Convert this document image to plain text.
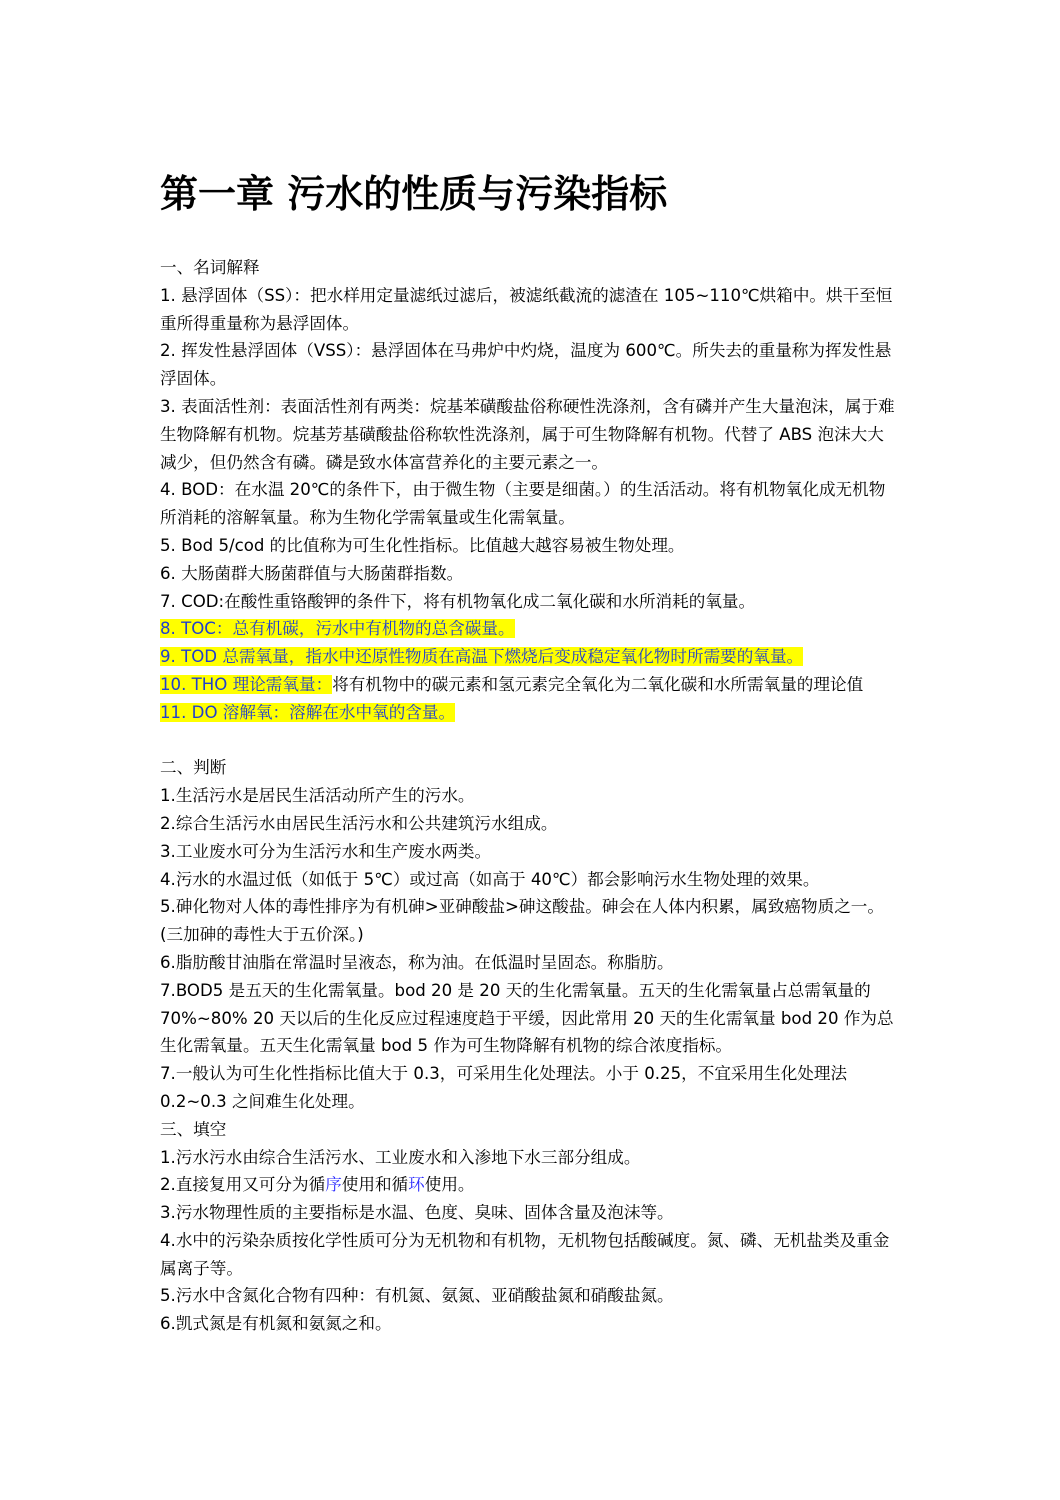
第一章 污水的性质与污染指标
一、名词解释

1. 悬浮固体（SS）：把水样用定量滤纸过滤后，被滤纸截流的滤渣在 105~110℃烘箱中。烘干至恒重所得重量称为悬浮固体。

2. 挥发性悬浮固体（VSS）：悬浮固体在马弗炉中灼烧，温度为 600℃。所失去的重量称为挥发性悬浮固体。

3. 表面活性剂：表面活性剂有两类：烷基苯磺酸盐俗称硬性洗涤剂，含有磷并产生大量泡沫，属于难生物降解有机物。烷基芳基磺酸盐俗称软性洗涤剂，属于可生物降解有机物。代替了 ABS 泡沫大大减少，但仍然含有磷。磷是致水体富营养化的主要元素之一。

4. BOD：在水温 20℃的条件下，由于微生物（主要是细菌。）的生活活动。将有机物氧化成无机物所消耗的溶解氧量。称为生物化学需氧量或生化需氧量。

5. Bod 5/cod 的比值称为可生化性指标。比值越大越容易被生物处理。

6. 大肠菌群大肠菌群值与大肠菌群指数。

7. COD:在酸性重铬酸钾的条件下，将有机物氧化成二氧化碳和水所消耗的氧量。

8. TOC：总有机碳，污水中有机物的总含碳量。

9. TOD 总需氧量，指水中还原性物质在高温下燃烧后变成稳定氧化物时所需要的氧量。

10. THO 理论需氧量：将有机物中的碳元素和氢元素完全氧化为二氧化碳和水所需氧量的理论值

11. DO 溶解氧：溶解在水中氧的含量。

二、判断

1.生活污水是居民生活活动所产生的污水。

2.综合生活污水由居民生活污水和公共建筑污水组成。

3.工业废水可分为生活污水和生产废水两类。

4.污水的水温过低（如低于 5℃）或过高（如高于 40℃）都会影响污水生物处理的效果。

5.砷化物对人体的毒性排序为有机砷>亚砷酸盐>砷这酸盐。砷会在人体内积累，属致癌物质之一。(三加砷的毒性大于五价深。)

6.脂肪酸甘油脂在常温时呈液态，称为油。在低温时呈固态。称脂肪。

7.BOD5 是五天的生化需氧量。bod 20 是 20 天的生化需氧量。五天的生化需氧量占总需氧量的 70%~80% 20 天以后的生化反应过程速度趋于平缓，因此常用 20 天的生化需氧量 bod 20 作为总生化需氧量。五天生化需氧量 bod 5 作为可生物降解有机物的综合浓度指标。

7.一般认为可生化性指标比值大于 0.3，可采用生化处理法。小于 0.25，不宜采用生化处理法 0.2~0.3 之间难生化处理。

三、填空

1.污水污水由综合生活污水、工业废水和入渗地下水三部分组成。

2.直接复用又可分为循序使用和循环使用。

3.污水物理性质的主要指标是水温、色度、臭味、固体含量及泡沫等。

4.水中的污染杂质按化学性质可分为无机物和有机物，无机物包括酸碱度。氮、磷、无机盐类及重金属离子等。

5.污水中含氮化合物有四种：有机氮、氨氮、亚硝酸盐氮和硝酸盐氮。

6.凯式氮是有机氮和氨氮之和。
